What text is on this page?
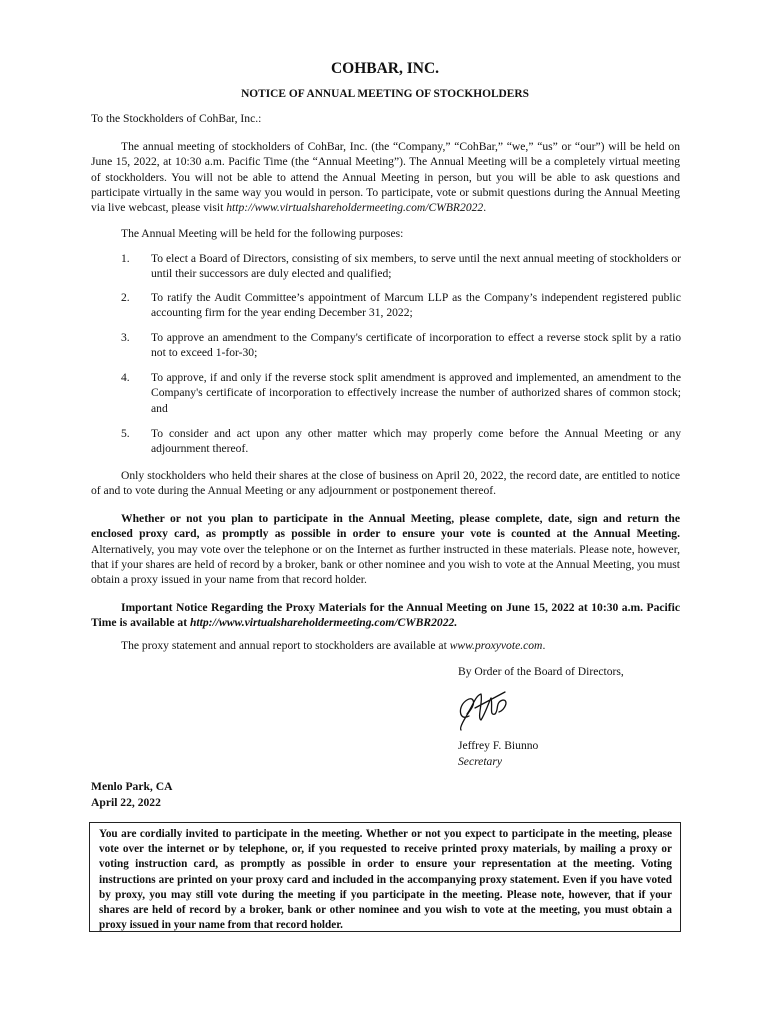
COHBAR, INC.
NOTICE OF ANNUAL MEETING OF STOCKHOLDERS
To the Stockholders of CohBar, Inc.:
The annual meeting of stockholders of CohBar, Inc. (the “Company,” “CohBar,” “we,” “us” or “our”) will be held on June 15, 2022, at 10:30 a.m. Pacific Time (the “Annual Meeting”). The Annual Meeting will be a completely virtual meeting of stockholders. You will not be able to attend the Annual Meeting in person, but you will be able to ask questions and participate virtually in the same way you would in person. To participate, vote or submit questions during the Annual Meeting via live webcast, please visit http://www.virtualshareholdermeeting.com/CWBR2022.
The Annual Meeting will be held for the following purposes:
1. To elect a Board of Directors, consisting of six members, to serve until the next annual meeting of stockholders or until their successors are duly elected and qualified;
2. To ratify the Audit Committee’s appointment of Marcum LLP as the Company’s independent registered public accounting firm for the year ending December 31, 2022;
3. To approve an amendment to the Company's certificate of incorporation to effect a reverse stock split by a ratio not to exceed 1-for-30;
4. To approve, if and only if the reverse stock split amendment is approved and implemented, an amendment to the Company's certificate of incorporation to effectively increase the number of authorized shares of common stock; and
5. To consider and act upon any other matter which may properly come before the Annual Meeting or any adjournment thereof.
Only stockholders who held their shares at the close of business on April 20, 2022, the record date, are entitled to notice of and to vote during the Annual Meeting or any adjournment or postponement thereof.
Whether or not you plan to participate in the Annual Meeting, please complete, date, sign and return the enclosed proxy card, as promptly as possible in order to ensure your vote is counted at the Annual Meeting. Alternatively, you may vote over the telephone or on the Internet as further instructed in these materials. Please note, however, that if your shares are held of record by a broker, bank or other nominee and you wish to vote at the Annual Meeting, you must obtain a proxy issued in your name from that record holder.
Important Notice Regarding the Proxy Materials for the Annual Meeting on June 15, 2022 at 10:30 a.m. Pacific Time is available at http://www.virtualshareholdermeeting.com/CWBR2022.
The proxy statement and annual report to stockholders are available at www.proxyvote.com.
By Order of the Board of Directors,
Jeffrey F. Biunno
Secretary
Menlo Park, CA
April 22, 2022

You are cordially invited to participate in the meeting. Whether or not you expect to participate in the meeting, please vote over the internet or by telephone, or, if you requested to receive printed proxy materials, by mailing a proxy or voting instruction card, as promptly as possible in order to ensure your representation at the meeting. Voting instructions are printed on your proxy card and included in the accompanying proxy statement. Even if you have voted by proxy, you may still vote during the meeting if you participate in the meeting. Please note, however, that if your shares are held of record by a broker, bank or other nominee and you wish to vote at the meeting, you must obtain a proxy issued in your name from that record holder.
